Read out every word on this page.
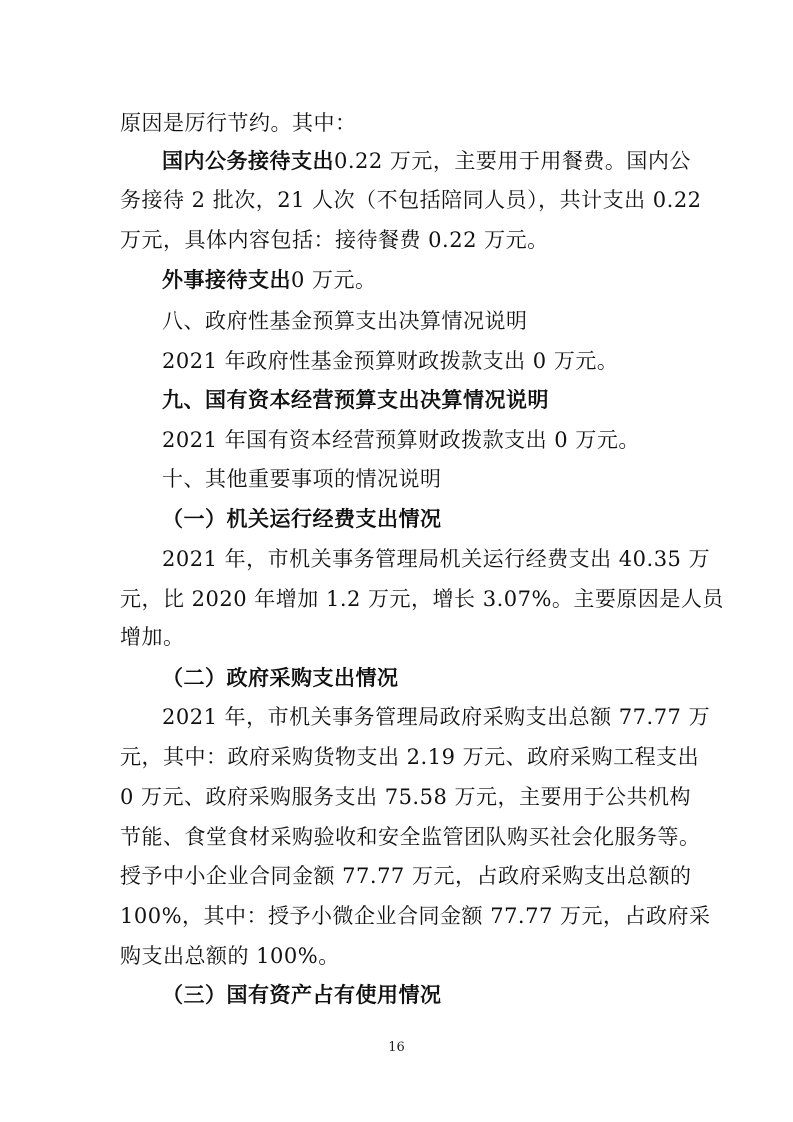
原因是厉行节约。其中：
国内公务接待支出0.22 万元，主要用于用餐费。国内公
务接待 2 批次，21 人次（不包括陪同人员），共计支出 0.22
万元，具体内容包括：接待餐费 0.22 万元。
外事接待支出0 万元。
八、政府性基金预算支出决算情况说明
2021 年政府性基金预算财政拨款支出 0 万元。
九、国有资本经营预算支出决算情况说明
2021 年国有资本经营预算财政拨款支出 0 万元。
十、其他重要事项的情况说明
（一）机关运行经费支出情况
2021 年，市机关事务管理局机关运行经费支出 40.35 万
元，比 2020 年增加 1.2 万元，增长 3.07%。主要原因是人员
增加。
（二）政府采购支出情况
2021 年，市机关事务管理局政府采购支出总额 77.77 万
元，其中：政府采购货物支出 2.19 万元、政府采购工程支出
0 万元、政府采购服务支出 75.58 万元，主要用于公共机构
节能、食堂食材采购验收和安全监管团队购买社会化服务等。
授予中小企业合同金额 77.77 万元，占政府采购支出总额的
100%，其中：授予小微企业合同金额 77.77 万元，占政府采
购支出总额的 100%。
（三）国有资产占有使用情况
16
